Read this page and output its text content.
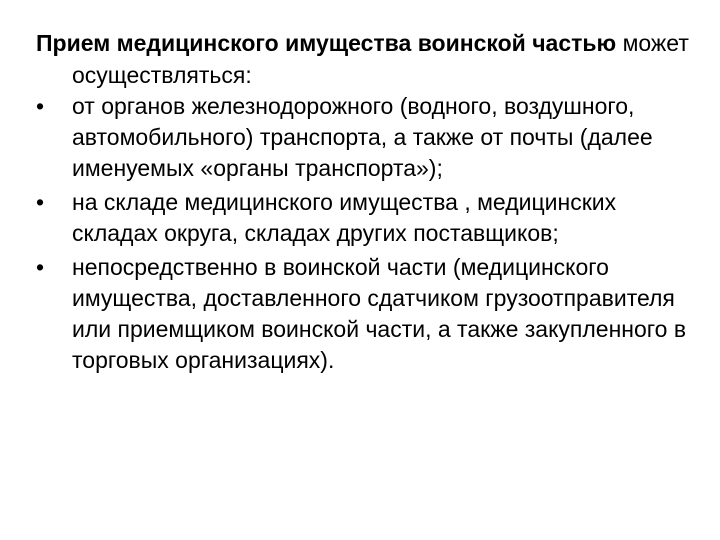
Прием медицинского имущества воинской частью может осуществляться:

•	от органов железнодорожного (водного, воздушного, автомобильного) транспорта, а также от почты (далее именуемых «органы транспорта»);
•	на складе медицинского имущества , медицинских складах округа, складах других поставщиков;
•	непосредственно в воинской части (медицинского имущества, доставленного сдатчиком грузоотправителя или приемщиком воинской части, а также закупленного в торговых организациях).
